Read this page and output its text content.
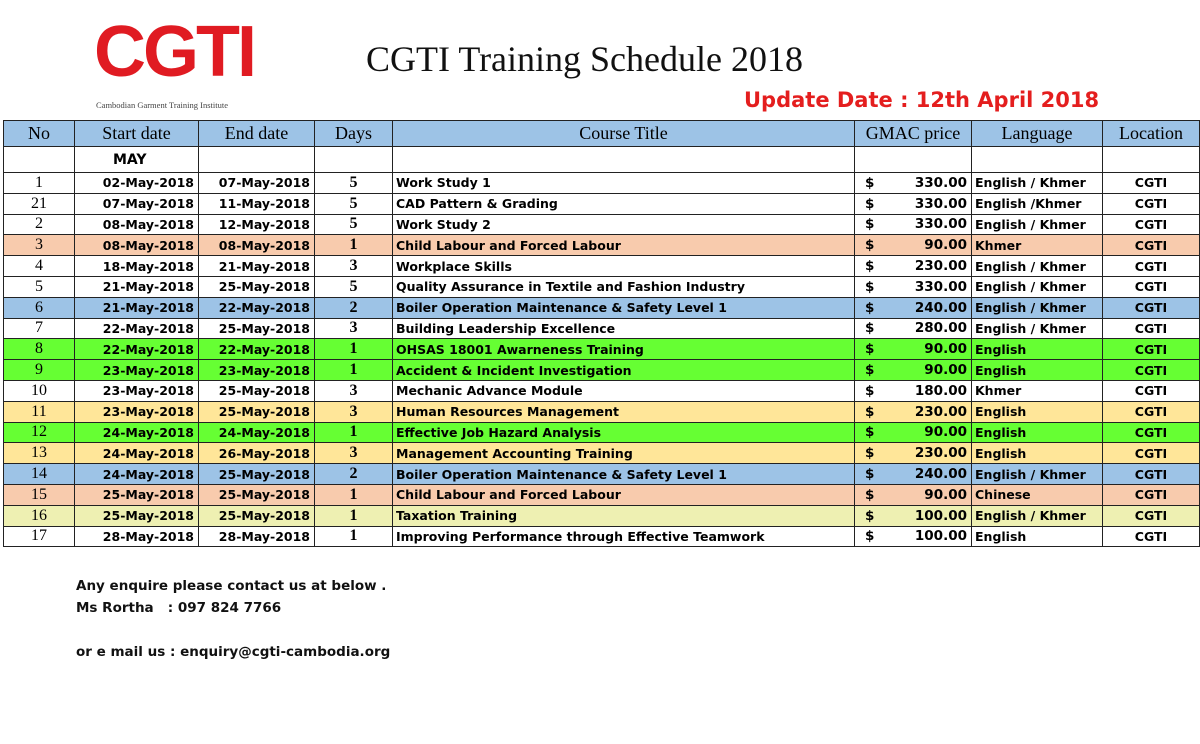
CGTI
Cambodian Garment Training Institute
CGTI Training Schedule 2018
Update Date : 12th April 2018
No	Start date	End date	Days	Course Title	GMAC price	Language	Location
	MAY						
1	02-May-2018	07-May-2018	5	Work Study 1	$ 330.00	English / Khmer	CGTI
21	07-May-2018	11-May-2018	5	CAD Pattern & Grading	$ 330.00	English /Khmer	CGTI
2	08-May-2018	12-May-2018	5	Work Study 2	$ 330.00	English / Khmer	CGTI
3	08-May-2018	08-May-2018	1	Child Labour and Forced Labour	$ 90.00	Khmer	CGTI
4	18-May-2018	21-May-2018	3	Workplace Skills	$ 230.00	English / Khmer	CGTI
5	21-May-2018	25-May-2018	5	Quality Assurance in Textile and Fashion Industry	$ 330.00	English / Khmer	CGTI
6	21-May-2018	22-May-2018	2	Boiler Operation Maintenance & Safety Level 1	$ 240.00	English / Khmer	CGTI
7	22-May-2018	25-May-2018	3	Building Leadership Excellence	$ 280.00	English / Khmer	CGTI
8	22-May-2018	22-May-2018	1	OHSAS 18001 Awarneness Training	$ 90.00	English	CGTI
9	23-May-2018	23-May-2018	1	Accident & Incident Investigation	$ 90.00	English	CGTI
10	23-May-2018	25-May-2018	3	Mechanic Advance Module	$ 180.00	Khmer	CGTI
11	23-May-2018	25-May-2018	3	Human Resources Management	$ 230.00	English	CGTI
12	24-May-2018	24-May-2018	1	Effective Job Hazard Analysis	$ 90.00	English	CGTI
13	24-May-2018	26-May-2018	3	Management Accounting Training	$ 230.00	English	CGTI
14	24-May-2018	25-May-2018	2	Boiler Operation Maintenance & Safety Level 1	$ 240.00	English / Khmer	CGTI
15	25-May-2018	25-May-2018	1	Child Labour and Forced Labour	$ 90.00	Chinese	CGTI
16	25-May-2018	25-May-2018	1	Taxation Training	$ 100.00	English / Khmer	CGTI
17	28-May-2018	28-May-2018	1	Improving Performance through Effective Teamwork	$ 100.00	English	CGTI
Any enquire please contact us at below .
Ms Rortha   : 097 824 7766
or e mail us : enquiry@cgti-cambodia.org
